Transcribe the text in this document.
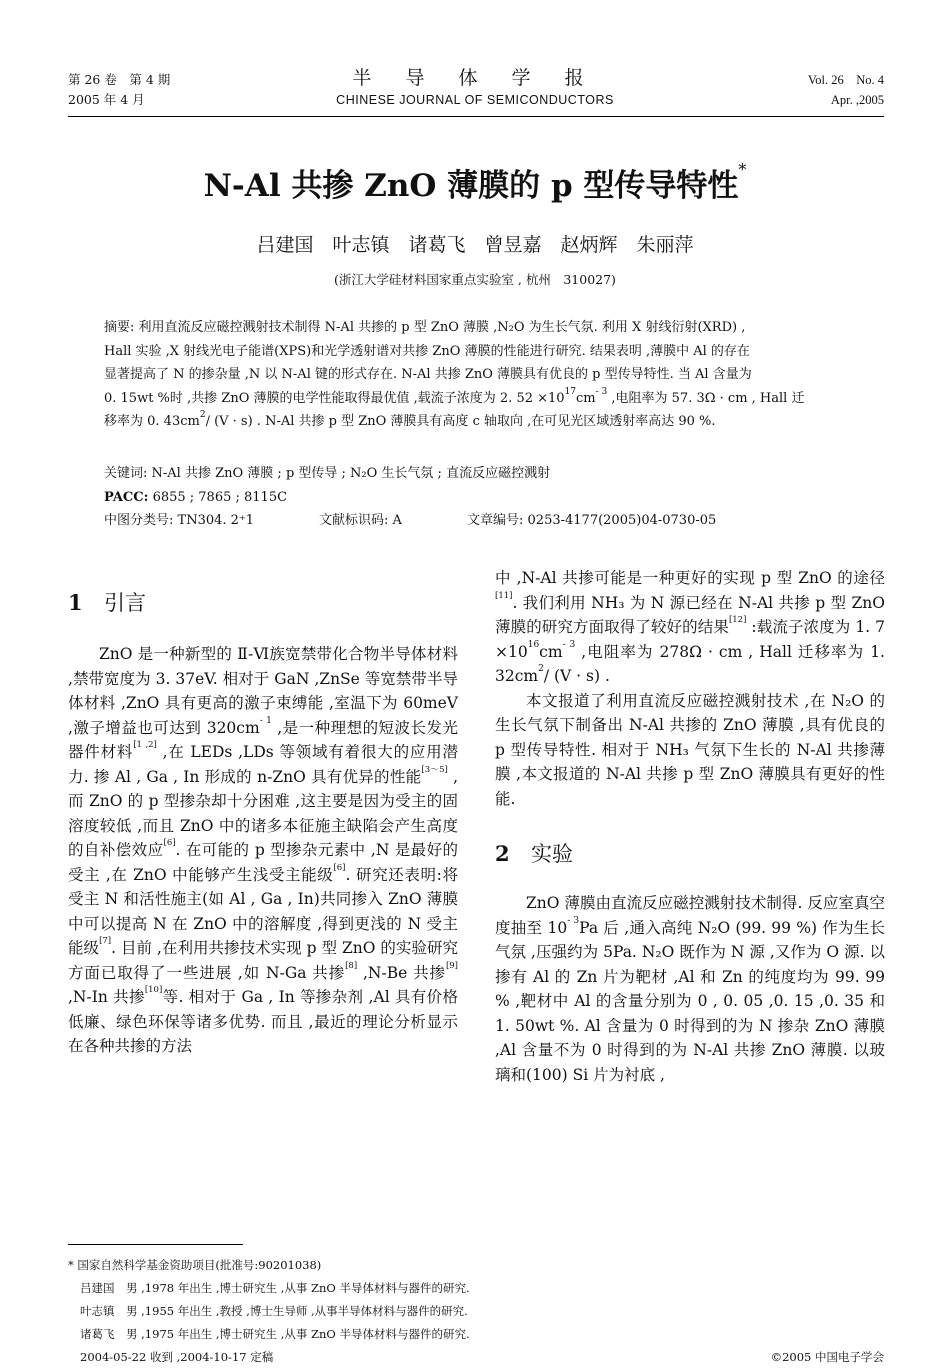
第 26 卷　第 4 期
2005 年 4 月
半 导 体 学 报
CHINESE JOURNAL OF SEMICONDUCTORS
Vol. 26　No. 4
Apr. ,2005
N-Al 共掺 ZnO 薄膜的 p 型传导特性*
吕建国　叶志镇　诸葛飞　曾昱嘉　赵炳辉　朱丽萍
(浙江大学硅材料国家重点实验室 , 杭州　310027)
摘要: 利用直流反应磁控溅射技术制得 N-Al 共掺的 p 型 ZnO 薄膜 ,N₂O 为生长气氛. 利用 X 射线衍射(XRD) ,
Hall 实验 ,X 射线光电子能谱(XPS)和光学透射谱对共掺 ZnO 薄膜的性能进行研究. 结果表明 ,薄膜中 Al 的存在
显著提高了 N 的掺杂量 ,N 以 N-Al 键的形式存在. N-Al 共掺 ZnO 薄膜具有优良的 p 型传导特性. 当 Al 含量为
0. 15wt %时 ,共掺 ZnO 薄膜的电学性能取得最优值 ,载流子浓度为 2. $52 \times 10^{17}cm^{- 3}$ ,电阻率为 57. 3Ω · cm , Hall 迁
移率为 0. $43cm^2/$ (V · s) . N-Al 共掺 p 型 ZnO 薄膜具有高度 c 轴取向 ,在可见光区域透射率高达 90 %.
关键词: N-Al 共掺 ZnO 薄膜 ; p 型传导 ; N₂O 生长气氛 ; 直流反应磁控溅射
PACC: 6855 ; 7865 ; 8115C
中图分类号: TN304. 2⁺1	文献标识码: A	文章编号: 0253-4177(2005)04-0730-05
1 引言

ZnO 是一种新型的 Ⅱ-Ⅵ族宽禁带化合物半导体材料 ,禁带宽度为 3. 37eV. 相对于 GaN ,ZnSe 等宽禁带半导体材料 ,ZnO 具有更高的激子束缚能 ,室温下为 60meV ,激子增益也可达到 $320cm^{- 1}$ ,是一种理想的短波长发光器件材料[1 ,2] ,在 LEDs ,LDs 等领域有着很大的应用潜力. 掺 Al , Ga , In 形成的 n-ZnO 具有优异的性能[3～5] ,而 ZnO 的 p 型掺杂却十分困难 ,这主要是因为受主的固溶度较低 ,而且 ZnO 中的诸多本征施主缺陷会产生高度的自补偿效应[6]. 在可能的 p 型掺杂元素中 ,N 是最好的受主 ,在 ZnO 中能够产生浅受主能级[6]. 研究还表明:将受主 N 和活性施主(如 Al , Ga , In)共同掺入 ZnO 薄膜中可以提高 N 在 ZnO 中的溶解度 ,得到更浅的 N 受主能级[7]. 目前 ,在利用共掺技术实现 p 型 ZnO 的实验研究方面已取得了一些进展 ,如 N-Ga 共掺[8] ,N-Be 共掺[9] ,N-In 共掺[10]等. 相对于 Ga , In 等掺杂剂 ,Al 具有价格低廉、绿色环保等诸多优势. 而且 ,最近的理论分析显示在各种共掺的方法

中 ,N-Al 共掺可能是一种更好的实现 p 型 ZnO 的途径[11]. 我们利用 NH₃ 为 N 源已经在 N-Al 共掺 p 型 ZnO 薄膜的研究方面取得了较好的结果[12] :载流子浓度为 1. $7 \times 10^{16}cm^{- 3}$ ,电阻率为 278Ω · cm , Hall 迁移率为 1. $32cm^2/$ (V · s) .

本文报道了利用直流反应磁控溅射技术 ,在 N₂O 的生长气氛下制备出 N-Al 共掺的 ZnO 薄膜 ,具有优良的 p 型传导特性. 相对于 NH₃ 气氛下生长的 N-Al 共掺薄膜 ,本文报道的 N-Al 共掺 p 型 ZnO 薄膜具有更好的性能.

2 实验

ZnO 薄膜由直流反应磁控溅射技术制得. 反应室真空度抽至 $10^{- 3}Pa$ 后 ,通入高纯 N₂O (99. 99 %) 作为生长气氛 ,压强约为 5Pa. N₂O 既作为 N 源 ,又作为 O 源. 以掺有 Al 的 Zn 片为靶材 ,Al 和 Zn 的纯度均为 99. 99 % ,靶材中 Al 的含量分别为 0 , 0. 05 ,0. 15 ,0. 35 和 1. 50wt %. Al 含量为 0 时得到的为 N 掺杂 ZnO 薄膜 ,Al 含量不为 0 时得到的为 N-Al 共掺 ZnO 薄膜. 以玻璃和(100) Si 片为衬底 ,

* 国家自然科学基金资助项目(批准号:90201038)
吕建国　男 ,1978 年出生 ,博士研究生 ,从事 ZnO 半导体材料与器件的研究.
叶志镇　男 ,1955 年出生 ,教授 ,博士生导师 ,从事半导体材料与器件的研究.
诸葛飞　男 ,1975 年出生 ,博士研究生 ,从事 ZnO 半导体材料与器件的研究.
2004-05-22 收到 ,2004-10-17 定稿	©2005 中国电子学会
